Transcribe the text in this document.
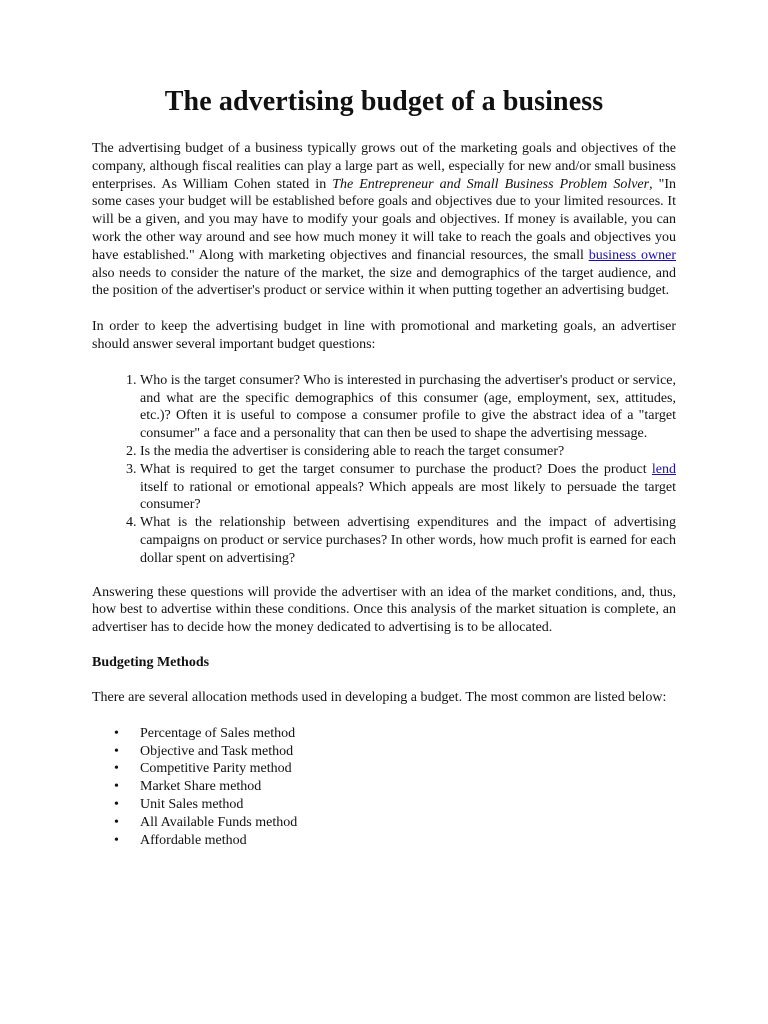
The advertising budget of a business

The advertising budget of a business typically grows out of the marketing goals and objectives of the company, although fiscal realities can play a large part as well, especially for new and/or small business enterprises. As William Cohen stated in The Entrepreneur and Small Business Problem Solver, "In some cases your budget will be established before goals and objectives due to your limited resources. It will be a given, and you may have to modify your goals and objectives. If money is available, you can work the other way around and see how much money it will take to reach the goals and objectives you have established." Along with marketing objectives and financial resources, the small business owner also needs to consider the nature of the market, the size and demographics of the target audience, and the position of the advertiser's product or service within it when putting together an advertising budget.

In order to keep the advertising budget in line with promotional and marketing goals, an advertiser should answer several important budget questions:

1. Who is the target consumer? Who is interested in purchasing the advertiser's product or service, and what are the specific demographics of this consumer (age, employment, sex, attitudes, etc.)? Often it is useful to compose a consumer profile to give the abstract idea of a "target consumer" a face and a personality that can then be used to shape the advertising message.
2. Is the media the advertiser is considering able to reach the target consumer?
3. What is required to get the target consumer to purchase the product? Does the product lend itself to rational or emotional appeals? Which appeals are most likely to persuade the target consumer?
4. What is the relationship between advertising expenditures and the impact of advertising campaigns on product or service purchases? In other words, how much profit is earned for each dollar spent on advertising?

Answering these questions will provide the advertiser with an idea of the market conditions, and, thus, how best to advertise within these conditions. Once this analysis of the market situation is complete, an advertiser has to decide how the money dedicated to advertising is to be allocated.

Budgeting Methods

There are several allocation methods used in developing a budget. The most common are listed below:

• Percentage of Sales method
• Objective and Task method
• Competitive Parity method
• Market Share method
• Unit Sales method
• All Available Funds method
• Affordable method
